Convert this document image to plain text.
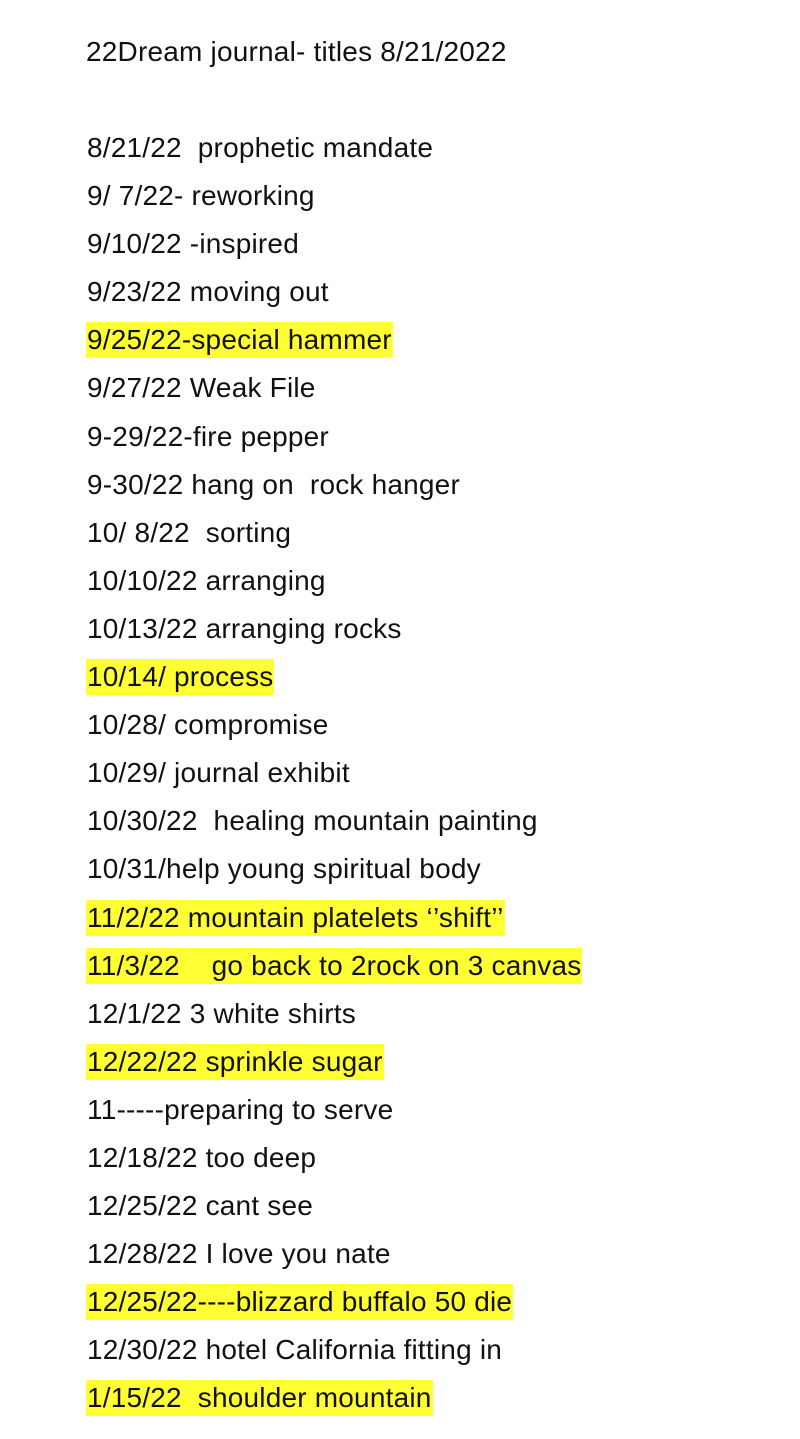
22Dream journal- titles 8/21/2022
8/21/22  prophetic mandate
9/ 7/22- reworking
9/10/22 -inspired
9/23/22 moving out
9/25/22-special hammer
9/27/22 Weak File
9-29/22-fire pepper
9-30/22 hang on  rock hanger
10/ 8/22  sorting
10/10/22 arranging
10/13/22 arranging rocks
10/14/ process
10/28/ compromise
10/29/ journal exhibit
10/30/22  healing mountain painting
10/31/help young spiritual body
11/2/22 mountain platelets ‘’shift’’
11/3/22    go back to 2rock on 3 canvas
12/1/22 3 white shirts
12/22/22 sprinkle sugar
11-----preparing to serve
12/18/22 too deep
12/25/22 cant see
12/28/22 I love you nate
12/25/22----blizzard buffalo 50 die
12/30/22 hotel California fitting in
1/15/22  shoulder mountain
